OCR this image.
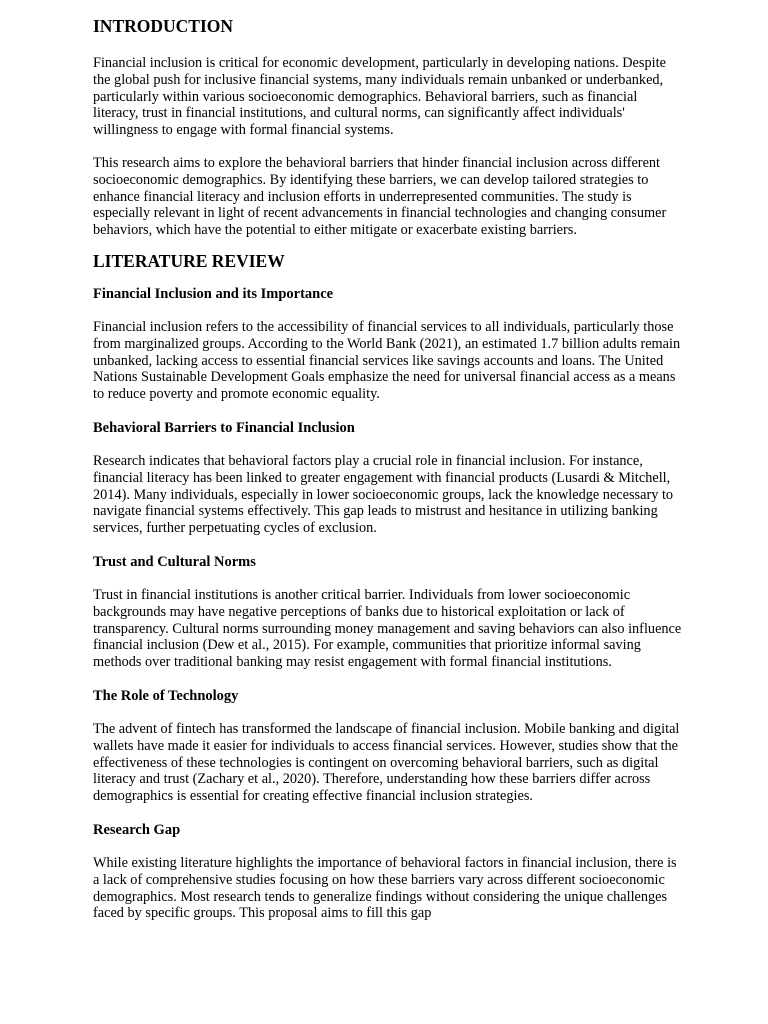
INTRODUCTION

Financial inclusion is critical for economic development, particularly in developing nations. Despite the global push for inclusive financial systems, many individuals remain unbanked or underbanked, particularly within various socioeconomic demographics. Behavioral barriers, such as financial literacy, trust in financial institutions, and cultural norms, can significantly affect individuals' willingness to engage with formal financial systems.

This research aims to explore the behavioral barriers that hinder financial inclusion across different socioeconomic demographics. By identifying these barriers, we can develop tailored strategies to enhance financial literacy and inclusion efforts in underrepresented communities. The study is especially relevant in light of recent advancements in financial technologies and changing consumer behaviors, which have the potential to either mitigate or exacerbate existing barriers.

LITERATURE REVIEW
Financial Inclusion and its Importance

Financial inclusion refers to the accessibility of financial services to all individuals, particularly those from marginalized groups. According to the World Bank (2021), an estimated 1.7 billion adults remain unbanked, lacking access to essential financial services like savings accounts and loans. The United Nations Sustainable Development Goals emphasize the need for universal financial access as a means to reduce poverty and promote economic equality.

Behavioral Barriers to Financial Inclusion

Research indicates that behavioral factors play a crucial role in financial inclusion. For instance, financial literacy has been linked to greater engagement with financial products (Lusardi & Mitchell, 2014). Many individuals, especially in lower socioeconomic groups, lack the knowledge necessary to navigate financial systems effectively. This gap leads to mistrust and hesitance in utilizing banking services, further perpetuating cycles of exclusion.

Trust and Cultural Norms

Trust in financial institutions is another critical barrier. Individuals from lower socioeconomic backgrounds may have negative perceptions of banks due to historical exploitation or lack of transparency. Cultural norms surrounding money management and saving behaviors can also influence financial inclusion (Dew et al., 2015). For example, communities that prioritize informal saving methods over traditional banking may resist engagement with formal financial institutions.

The Role of Technology

The advent of fintech has transformed the landscape of financial inclusion. Mobile banking and digital wallets have made it easier for individuals to access financial services. However, studies show that the effectiveness of these technologies is contingent on overcoming behavioral barriers, such as digital literacy and trust (Zachary et al., 2020). Therefore, understanding how these barriers differ across demographics is essential for creating effective financial inclusion strategies.

Research Gap

While existing literature highlights the importance of behavioral factors in financial inclusion, there is a lack of comprehensive studies focusing on how these barriers vary across different socioeconomic demographics. Most research tends to generalize findings without considering the unique challenges faced by specific groups. This proposal aims to fill this gap
